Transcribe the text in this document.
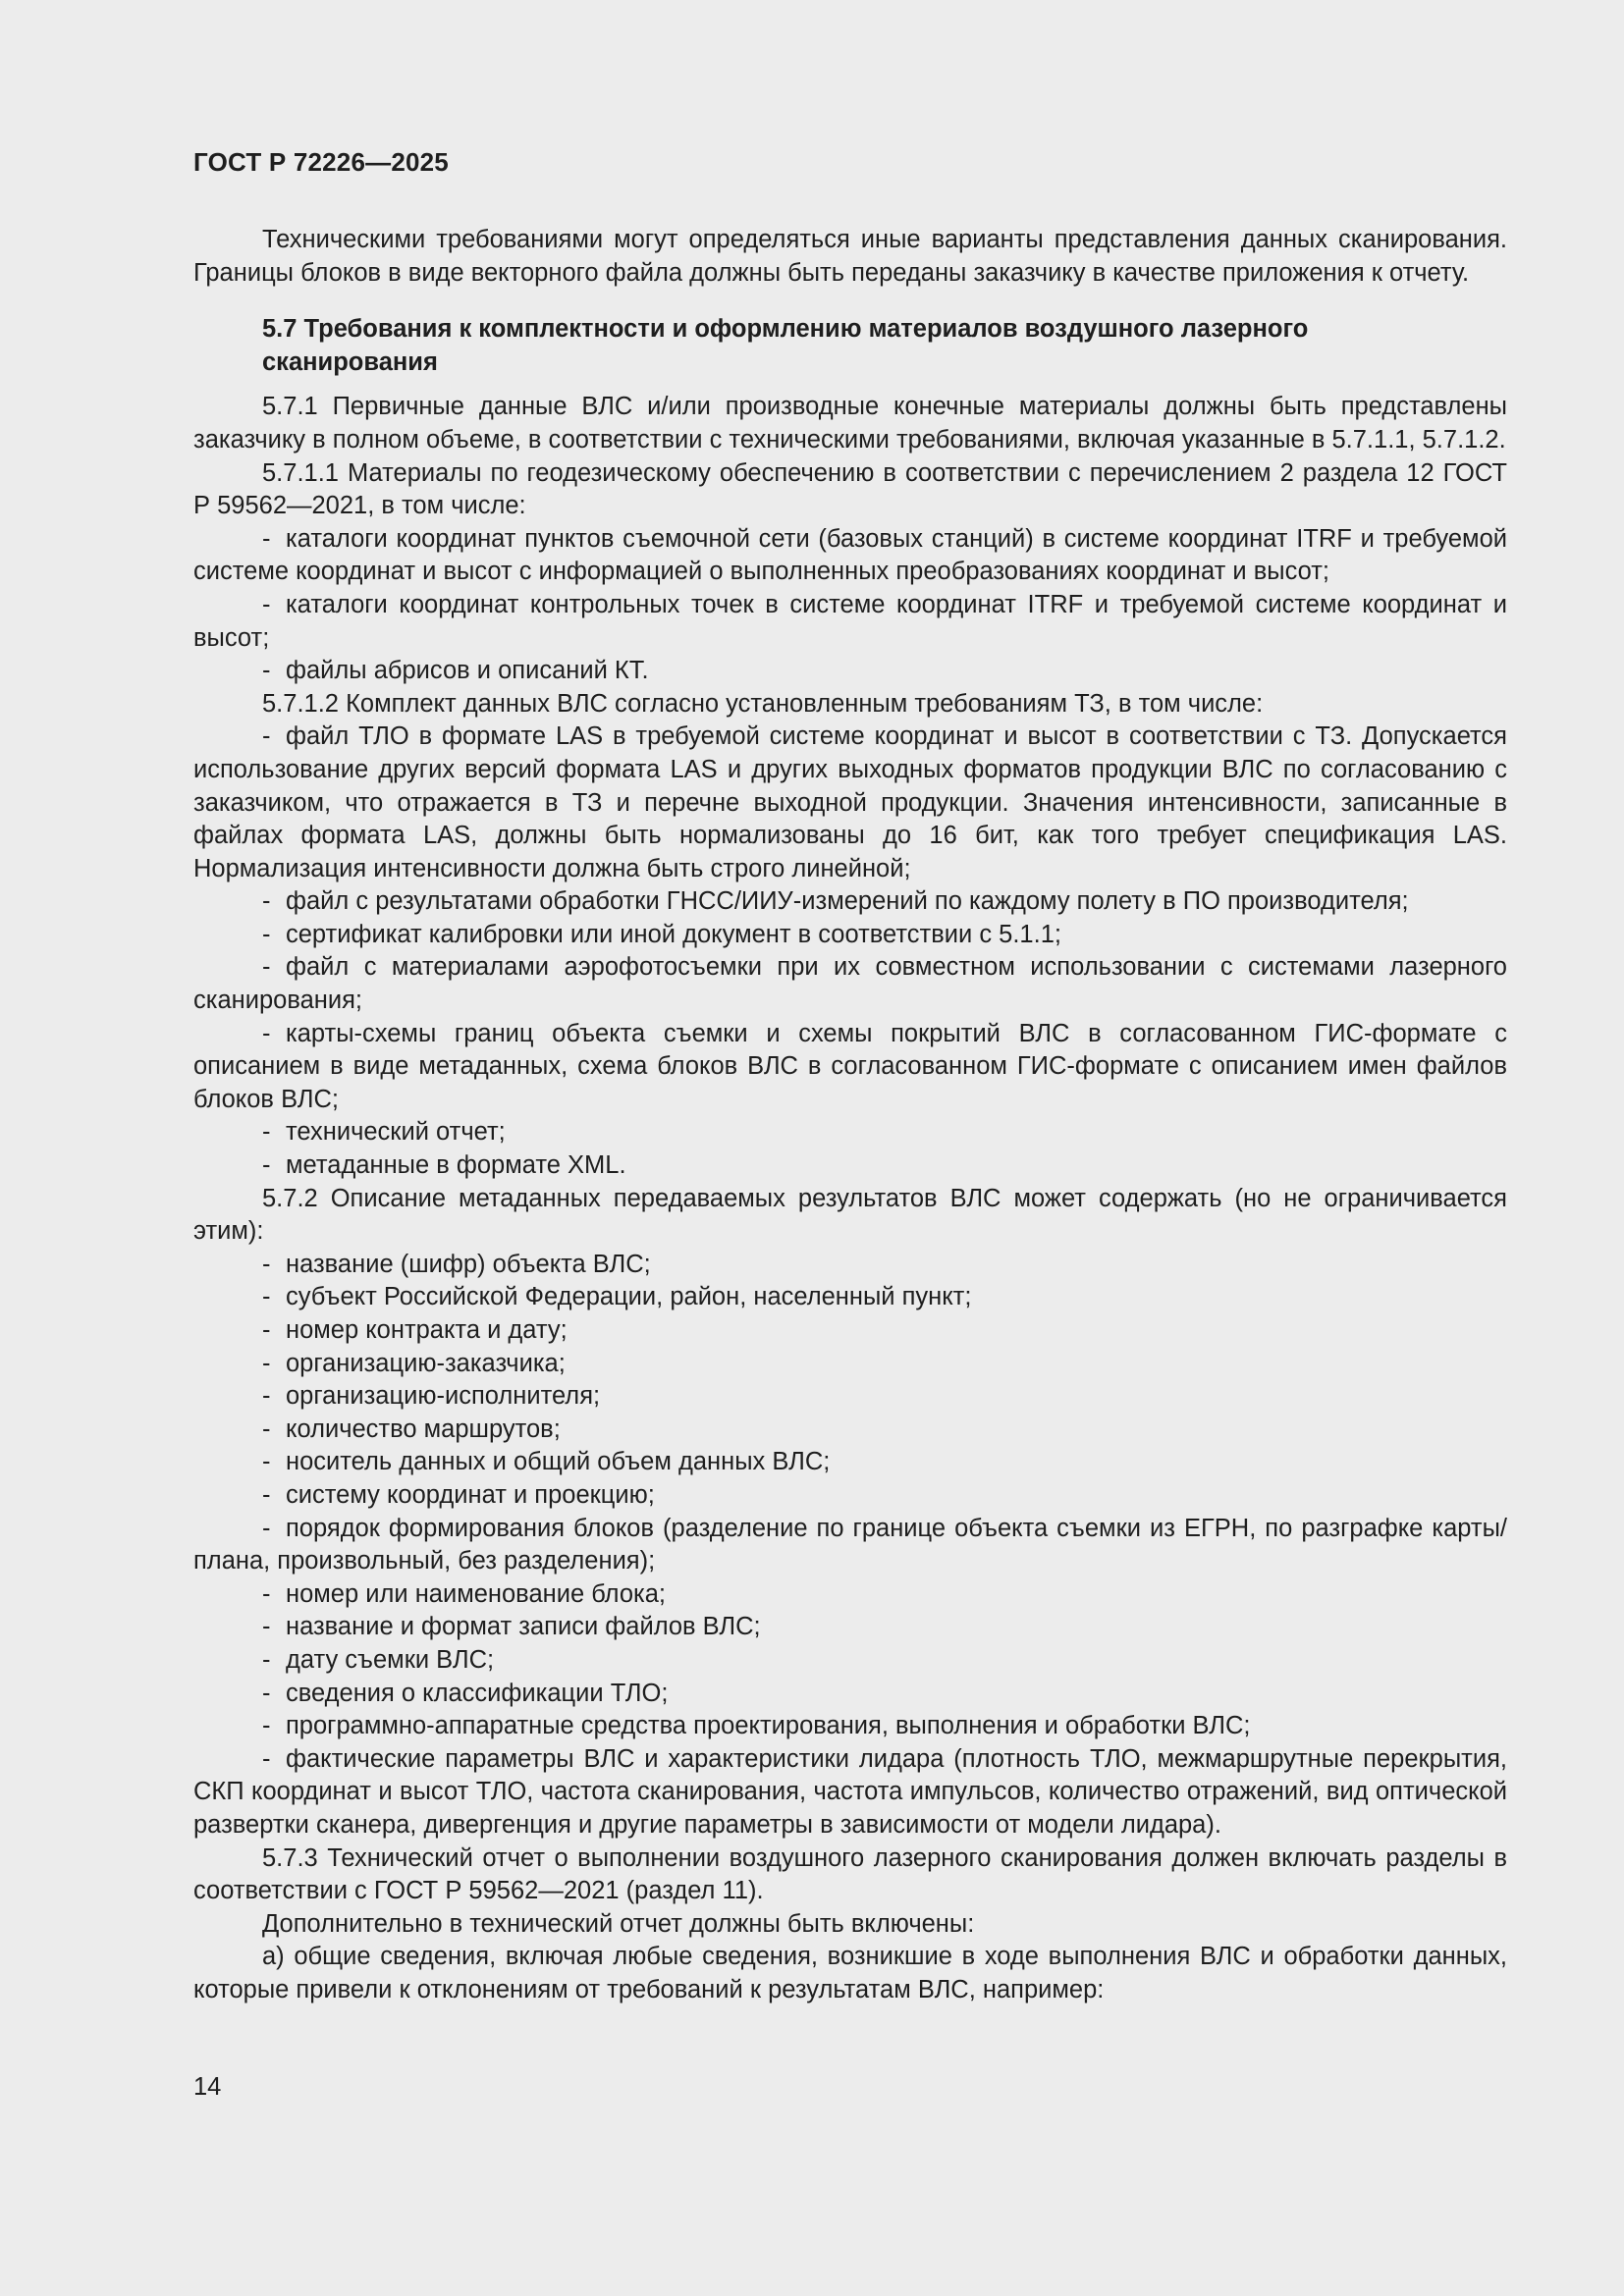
ГОСТ Р 72226—2025

Техническими требованиями могут определяться иные варианты представления данных сканирования. Границы блоков в виде векторного файла должны быть переданы заказчику в качестве приложения к отчету.

5.7 Требования к комплектности и оформлению материалов воздушного лазерного
сканирования

5.7.1 Первичные данные ВЛС и/или производные конечные материалы должны быть представлены заказчику в полном объеме, в соответствии с техническими требованиями, включая указанные в 5.7.1.1, 5.7.1.2.

5.7.1.1 Материалы по геодезическому обеспечению в соответствии с перечислением 2 раздела 12 ГОСТ Р 59562—2021, в том числе:

- каталоги координат пунктов съемочной сети (базовых станций) в системе координат ITRF и требуемой системе координат и высот с информацией о выполненных преобразованиях координат и высот;

- каталоги координат контрольных точек в системе координат ITRF и требуемой системе координат и высот;

- файлы абрисов и описаний КТ.

5.7.1.2 Комплект данных ВЛС согласно установленным требованиям ТЗ, в том числе:

- файл ТЛО в формате LAS в требуемой системе координат и высот в соответствии с ТЗ. Допускается использование других версий формата LAS и других выходных форматов продукции ВЛС по согласованию с заказчиком, что отражается в ТЗ и перечне выходной продукции. Значения интенсивности, записанные в файлах формата LAS, должны быть нормализованы до 16 бит, как того требует спецификация LAS. Нормализация интенсивности должна быть строго линейной;

- файл с результатами обработки ГНСС/ИИУ-измерений по каждому полету в ПО производителя;

- сертификат калибровки или иной документ в соответствии с 5.1.1;

- файл с материалами аэрофотосъемки при их совместном использовании с системами лазерного сканирования;

- карты-схемы границ объекта съемки и схемы покрытий ВЛС в согласованном ГИС-формате с описанием в виде метаданных, схема блоков ВЛС в согласованном ГИС-формате с описанием имен файлов блоков ВЛС;

- технический отчет;

- метаданные в формате XML.

5.7.2 Описание метаданных передаваемых результатов ВЛС может содержать (но не ограничивается этим):

- название (шифр) объекта ВЛС;

- субъект Российской Федерации, район, населенный пункт;

- номер контракта и дату;

- организацию-заказчика;

- организацию-исполнителя;

- количество маршрутов;

- носитель данных и общий объем данных ВЛС;

- систему координат и проекцию;

- порядок формирования блоков (разделение по границе объекта съемки из ЕГРН, по разграфке карты/плана, произвольный, без разделения);

- номер или наименование блока;

- название и формат записи файлов ВЛС;

- дату съемки ВЛС;

- сведения о классификации ТЛО;

- программно-аппаратные средства проектирования, выполнения и обработки ВЛС;

- фактические параметры ВЛС и характеристики лидара (плотность ТЛО, межмаршрутные перекрытия, СКП координат и высот ТЛО, частота сканирования, частота импульсов, количество отражений, вид оптической развертки сканера, дивергенция и другие параметры в зависимости от модели лидара).

5.7.3 Технический отчет о выполнении воздушного лазерного сканирования должен включать разделы в соответствии с ГОСТ Р 59562—2021 (раздел 11).

Дополнительно в технический отчет должны быть включены:

а) общие сведения, включая любые сведения, возникшие в ходе выполнения ВЛС и обработки данных, которые привели к отклонениям от требований к результатам ВЛС, например:

14
